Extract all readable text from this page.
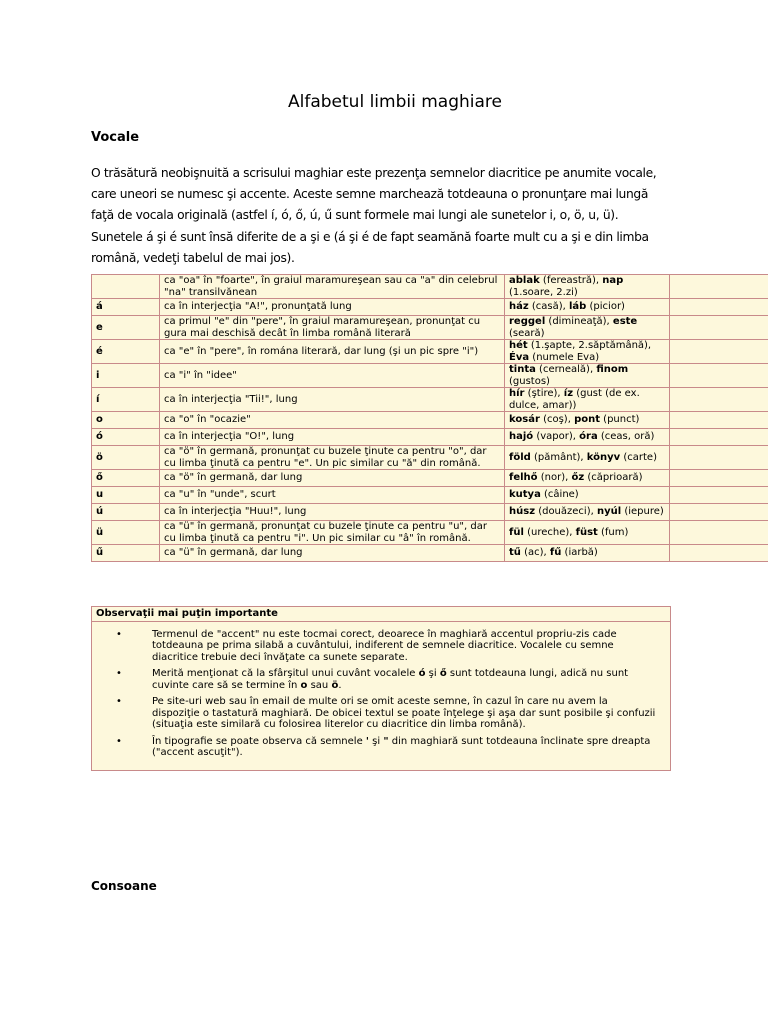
Alfabetul limbii maghiare
Vocale
O trăsătură neobişnuită a scrisului maghiar este prezenţa semnelor diacritice pe anumite vocale, care uneori se numesc şi accente. Aceste semne marchează totdeauna o pronunţare mai lungă faţă de vocala originală (astfel í, ó, ő, ú, ű sunt formele mai lungi ale sunetelor i, o, ö, u, ü). Sunetele á şi é sunt însă diferite de a şi e (á şi é de fapt seamănă foarte mult cu a şi e din limba română, vedeţi tabelul de mai jos).
	ca "oa" în "foarte", în graiul maramureşean sau ca "a" din celebrul "na" transilvănean	ablak (fereastră), nap (1.soare, 2.zi)	
á	ca în interjecţia "A!", pronunţată lung	ház (casă), láb (picior)	
e	ca primul "e" din "pere", în graiul maramureşean, pronunţat cu gura mai deschisă decât în limba română literară	reggel (dimineaţă), este (seară)	
é	ca "e" în "pere", în romána literară, dar lung (şi un pic spre "i")	hét (1.şapte, 2.săptămână), Éva (numele Eva)	
i	ca "i" în "idee"	tinta (cerneală), finom (gustos)	
í	ca în interjecţia "Tii!", lung	hír (ştire), íz (gust (de ex. dulce, amar))	
o	ca "o" în "ocazie"	kosár (coş), pont (punct)	
ó	ca în interjecţia "O!", lung	hajó (vapor), óra (ceas, oră)	
ö	ca "ö" în germană, pronunţat cu buzele ţinute ca pentru "o", dar cu limba ţinută ca pentru "e". Un pic similar cu "ă" din română.	föld (pământ), könyv (carte)	
ő	ca "ö" în germană, dar lung	felhő (nor), őz (căprioară)	
u	ca "u" în "unde", scurt	kutya (câine)	
ú	ca în interjecţia "Huu!", lung	húsz (douăzeci), nyúl (iepure)	
ü	ca "ü" în germană, pronunţat cu buzele ţinute ca pentru "u", dar cu limba ţinută ca pentru "i". Un pic similar cu "â" în română.	fül (ureche), füst (fum)	
ű	ca "ü" în germană, dar lung	tű (ac), fű (iarbă)	
Observaţii mai puţin importante
•	Termenul de "accent" nu este tocmai corect, deoarece în maghiară accentul propriu-zis cade totdeauna pe prima silabă a cuvântului, indiferent de semnele diacritice. Vocalele cu semne diacritice trebuie deci învăţate ca sunete separate.
•	Merită menţionat că la sfârşitul unui cuvânt vocalele ó şi ő sunt totdeauna lungi, adică nu sunt cuvinte care să se termine în o sau ö.
•	Pe site-uri web sau în email de multe ori se omit aceste semne, în cazul în care nu avem la dispoziţie o tastatură maghiară. De obicei textul se poate înţelege şi aşa dar sunt posibile şi confuzii (situaţia este similară cu folosirea literelor cu diacritice din limba română).
•	În tipografie se poate observa că semnele ' şi " din maghiară sunt totdeauna înclinate spre dreapta ("accent ascuţit").
Consoane
